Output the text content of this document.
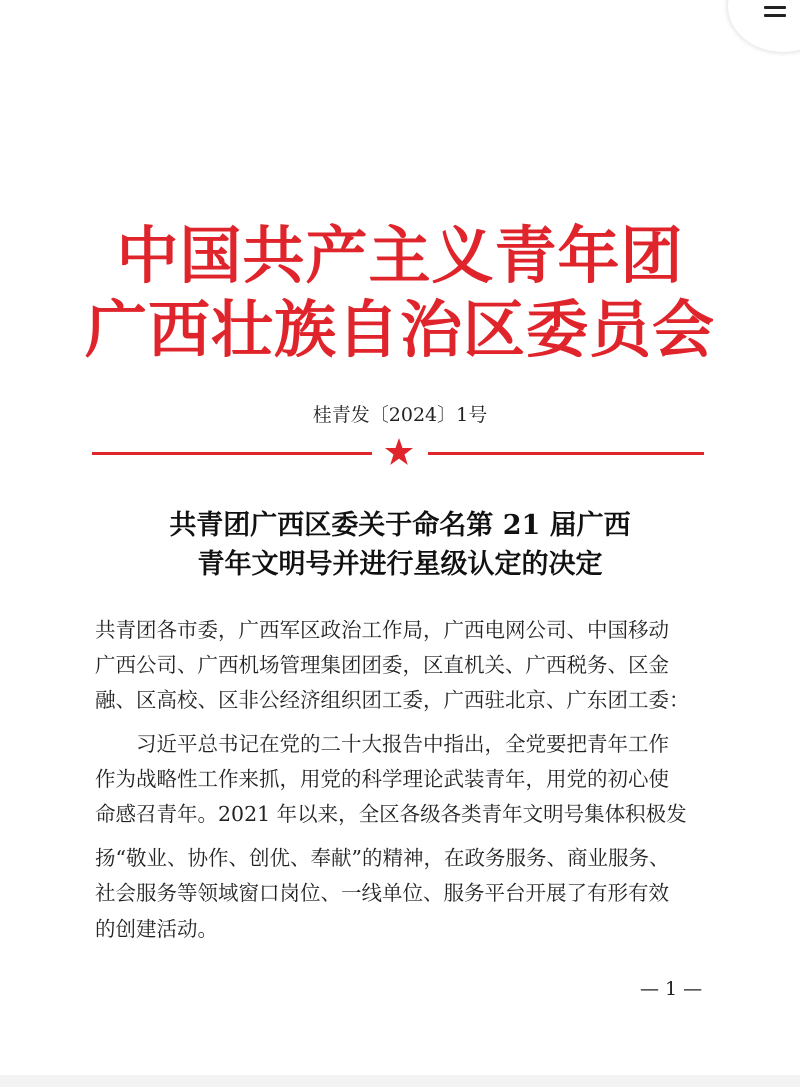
中国共产主义青年团
广西壮族自治区委员会
桂青发〔2024〕1号
共青团广西区委关于命名第 21 届广西
青年文明号并进行星级认定的决定
共青团各市委，广西军区政治工作局，广西电网公司、中国移动
广西公司、广西机场管理集团团委，区直机关、广西税务、区金
融、区高校、区非公经济组织团工委，广西驻北京、广东团工委：
　　习近平总书记在党的二十大报告中指出，全党要把青年工作
作为战略性工作来抓，用党的科学理论武装青年，用党的初心使
命感召青年。2021 年以来，全区各级各类青年文明号集体积极发
扬“敬业、协作、创优、奉献”的精神，在政务服务、商业服务、
社会服务等领域窗口岗位、一线单位、服务平台开展了有形有效
的创建活动。
— 1 —
